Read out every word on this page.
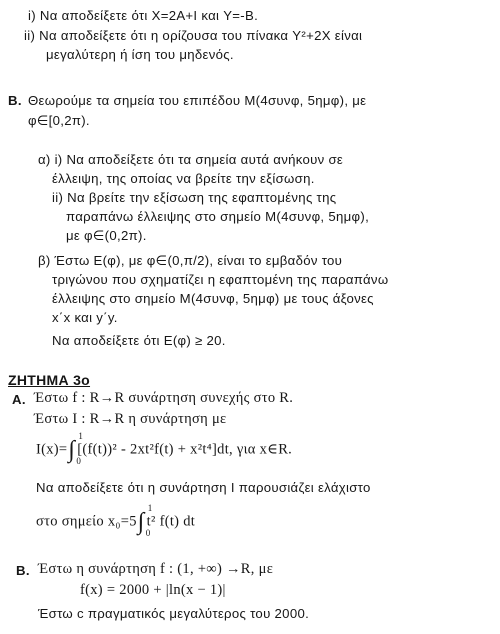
i) Να αποδείξετε ότι X=2A+I και Y=-B.
ii) Να αποδείξετε ότι η ορίζουσα του πίνακα Y²+2X είναι
μεγαλύτερη ή ίση του μηδενός.
B. Θεωρούμε τα σημεία του επιπέδου Μ(4συνφ, 5ημφ), με
φ∈[0,2π).
α) i) Να αποδείξετε ότι τα σημεία αυτά ανήκουν σε
έλλειψη, της οποίας να βρείτε την εξίσωση.
ii) Να βρείτε την εξίσωση της εφαπτομένης της
παραπάνω έλλειψης στο σημείο Μ(4συνφ, 5ημφ),
με φ∈(0,2π).
β) Έστω Ε(φ), με φ∈(0,π/2), είναι το εμβαδόν του
τριγώνου που σχηματίζει η εφαπτομένη της παραπάνω
έλλειψης στο σημείο Μ(4συνφ, 5ημφ) με τους άξονες
x΄x και y΄y.
Να αποδείξετε ότι Ε(φ) ≥ 20.
ΖΗΤΗΜΑ 3ο
A. Έστω f : R→R συνάρτηση συνεχής στο R.
Έστω I : R→R η συνάρτηση με
I(x)=∫
1
0
[(f(t))² - 2xt²f(t) + x²t⁴]dt, για x∈R.
Να αποδείξετε ότι η συνάρτηση I παρουσιάζει ελάχιστο
στο σημείο x₀=5∫
1
0
t² f(t) dt
B. Έστω η συνάρτηση f : (1, +∞) →R, με
f(x) = 2000 + |ln(x − 1)|
Έστω c πραγματικός μεγαλύτερος του 2000.
